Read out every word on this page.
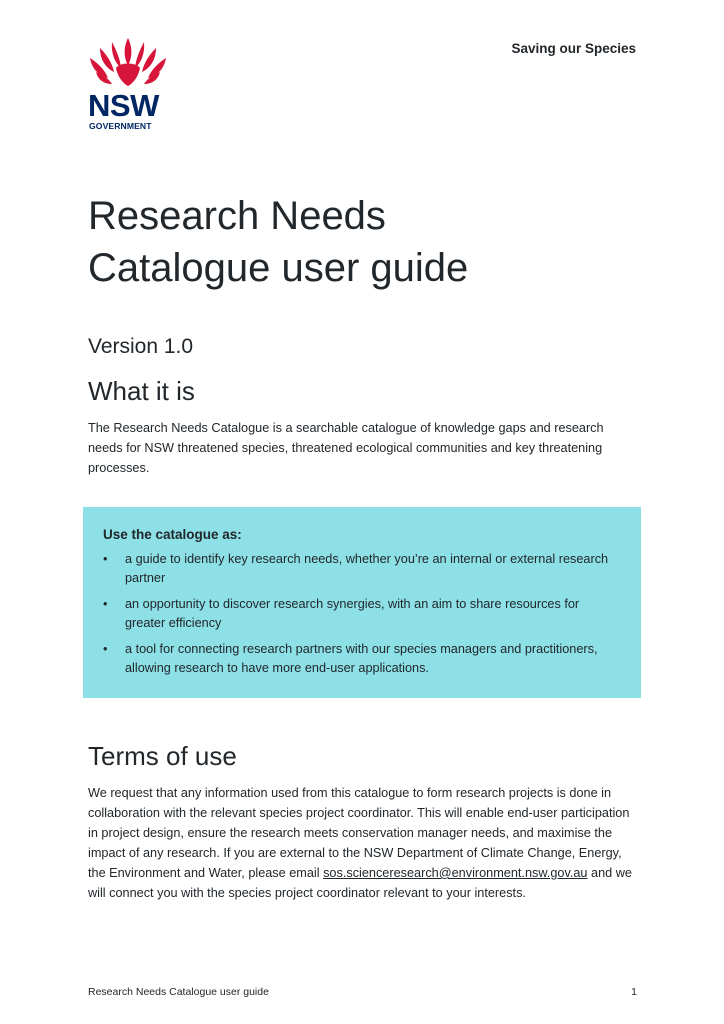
Saving our Species
NSW
GOVERNMENT
Research Needs
Catalogue user guide
Version 1.0
What it is

The Research Needs Catalogue is a searchable catalogue of knowledge gaps and research needs for NSW threatened species, threatened ecological communities and key threatening processes.

Use the catalogue as:
• a guide to identify key research needs, whether you’re an internal or external research partner
• an opportunity to discover research synergies, with an aim to share resources for greater efficiency
• a tool for connecting research partners with our species managers and practitioners, allowing research to have more end-user applications.
Terms of use

We request that any information used from this catalogue to form research projects is done in collaboration with the relevant species project coordinator. This will enable end-user participation in project design, ensure the research meets conservation manager needs, and maximise the impact of any research. If you are external to the NSW Department of Climate Change, Energy, the Environment and Water, please email sos.scienceresearch@environment.nsw.gov.au and we will connect you with the species project coordinator relevant to your interests.

Research Needs Catalogue user guide	1
